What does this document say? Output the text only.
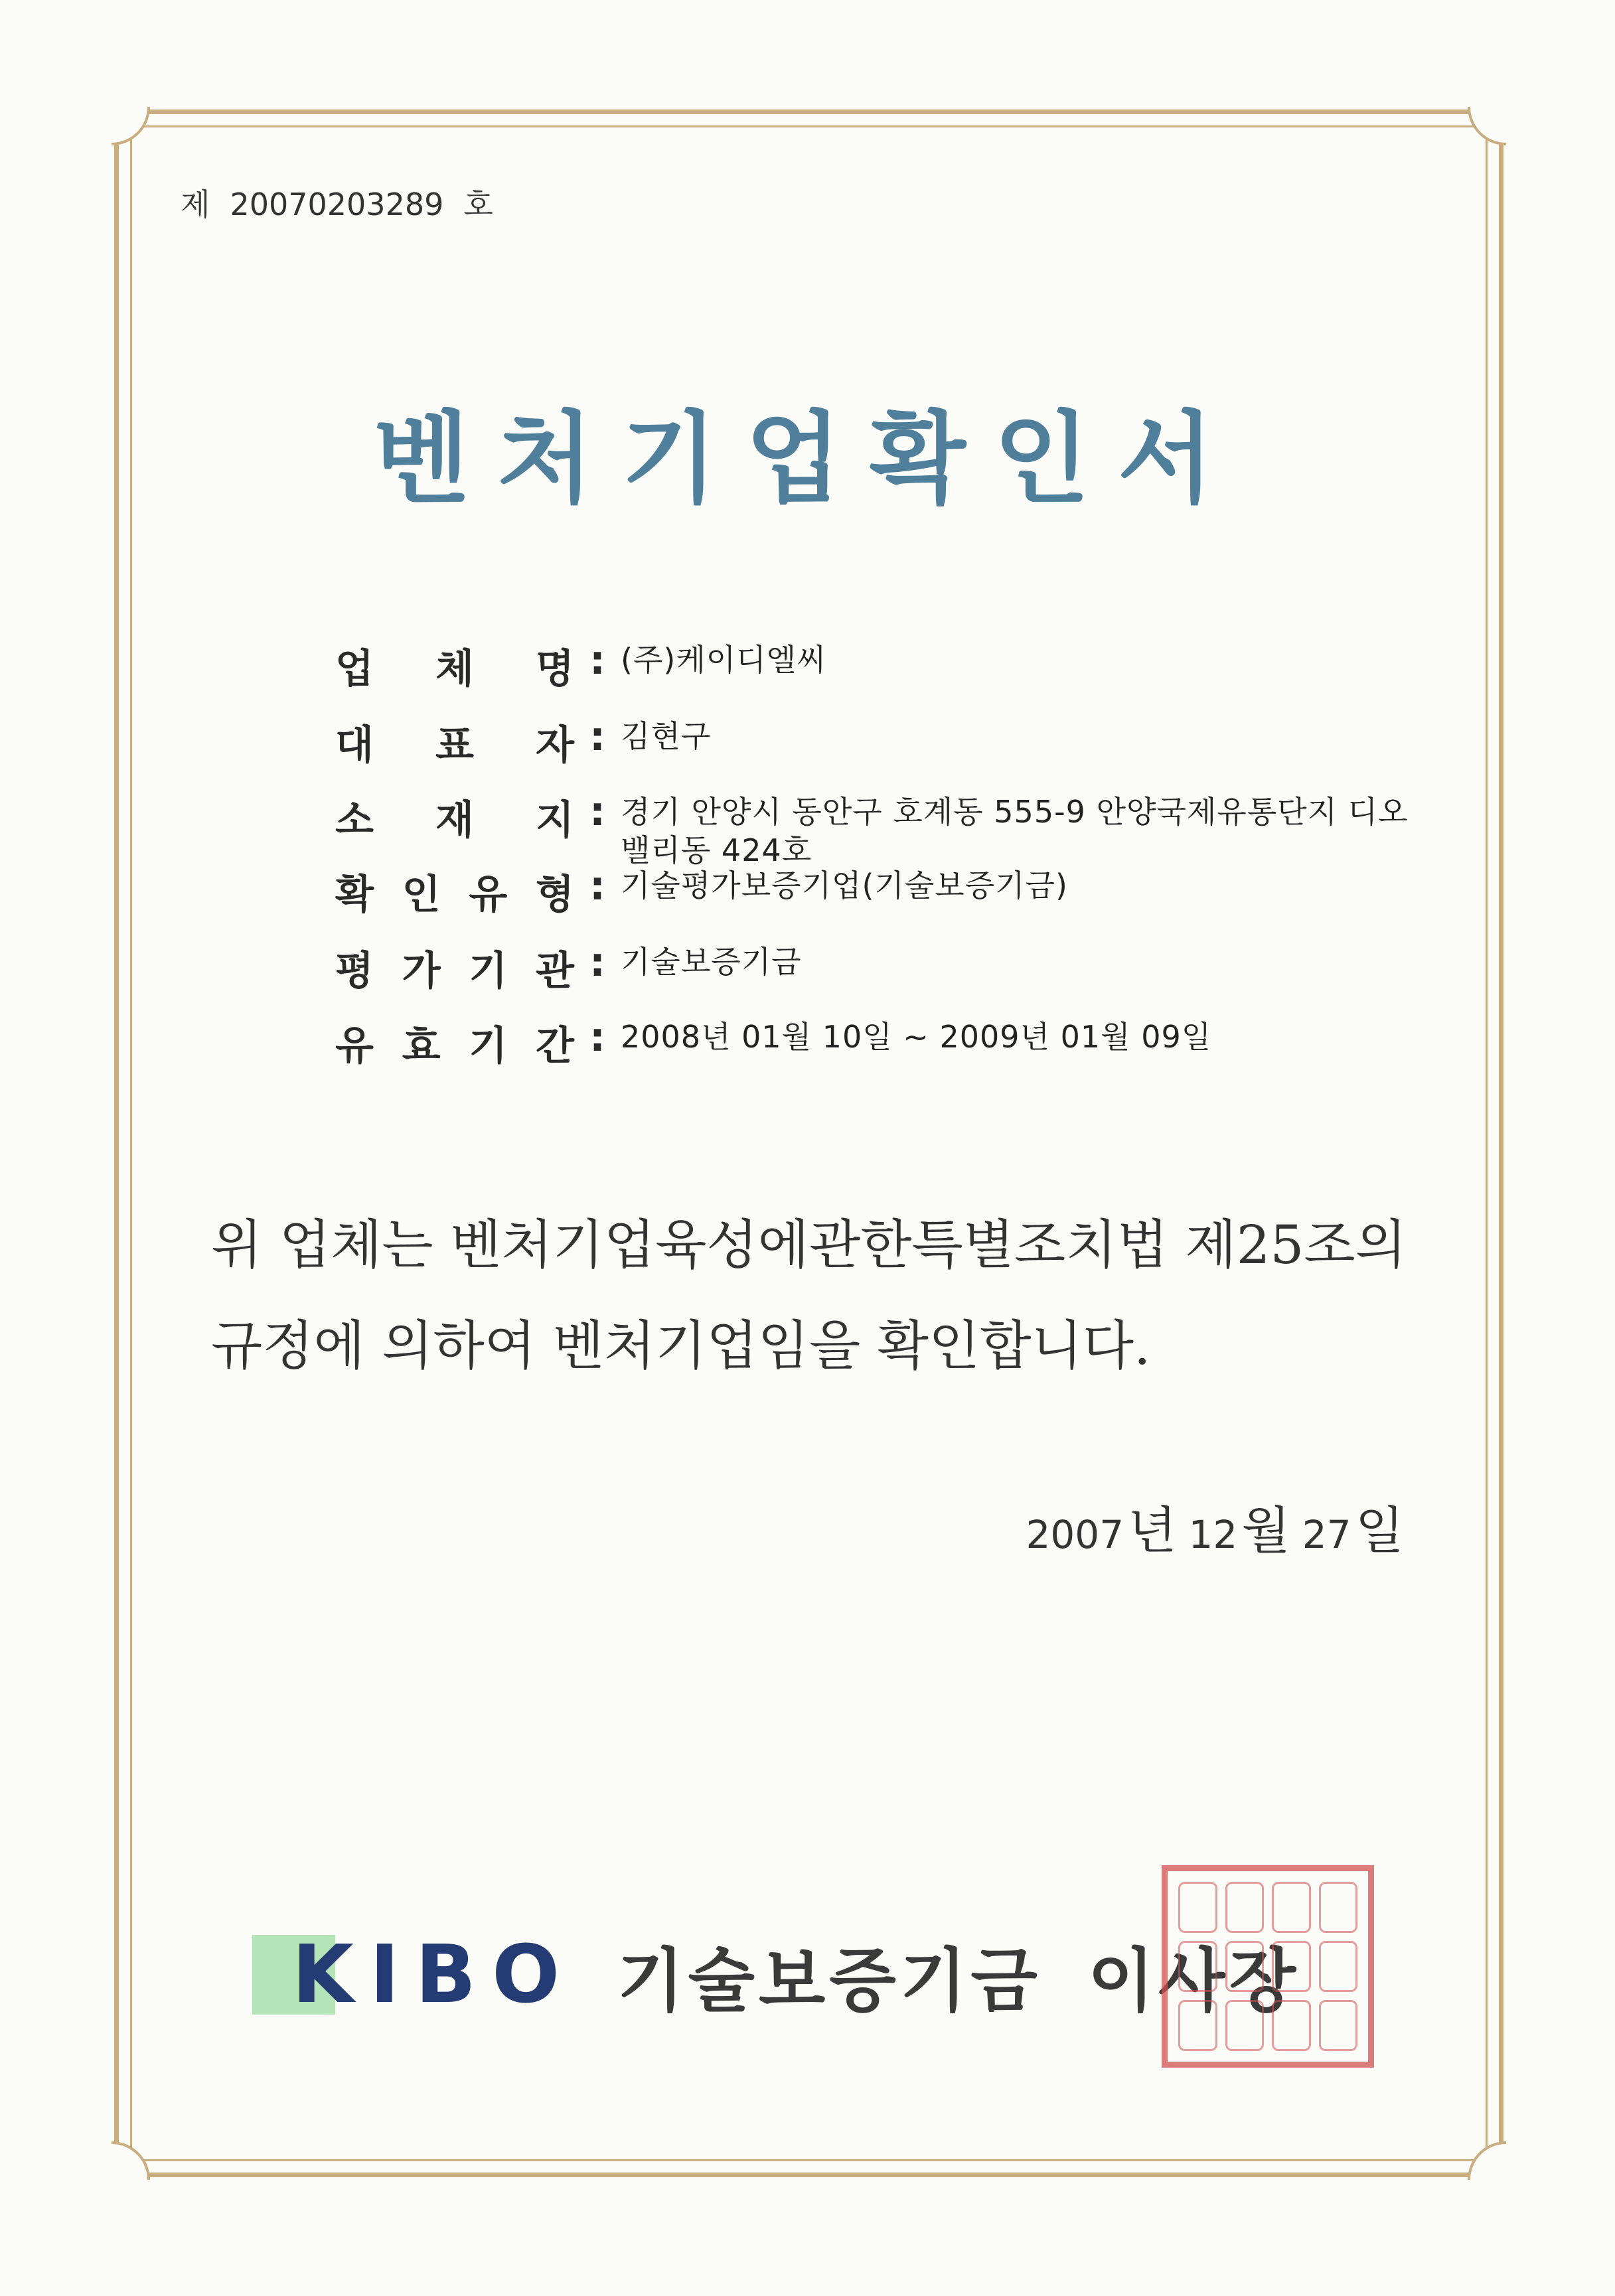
제 20070203289 호
벤처기업확인서
업 체 명 : (주)케이디엘씨
대 표 자 : 김현구
소 재 지 : 경기 안양시 동안구 호계동 555-9 안양국제유통단지 디오밸리동 424호
확 인 유 형 : 기술평가보증기업(기술보증기금)
평 가 기 관 : 기술보증기금
유 효 기 간 : 2008년 01월 10일 ~ 2009년 01월 09일
위 업체는 벤처기업육성에관한특별조치법 제25조의
규정에 의하여 벤처기업임을 확인합니다.
2007년 12월 27일
KIBO 기술보증기금 이사장
